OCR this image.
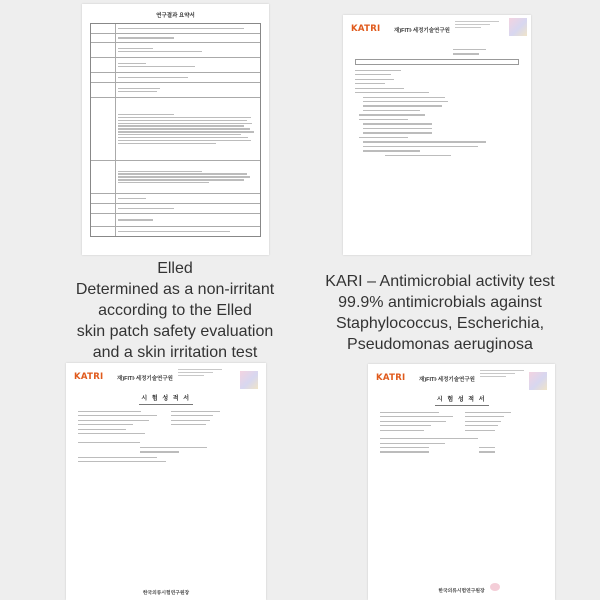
연구결과 요약서
KATRI 재)FITI·세정기술연구원
Elled
Determined as a non-irritant
according to the Elled
skin patch safety evaluation
and a skin irritation test
KARI – Antimicrobial activity test
99.9% antimicrobials against
Staphylococcus, Escherichia,
Pseudomonas aeruginosa
KATRI 재)FITI·세정기술연구원
시 험 성 적 서
한국의류시험연구원장
KATRI 재)FITI·세정기술연구원
시 험 성 적 서
한국의류시험연구원장
